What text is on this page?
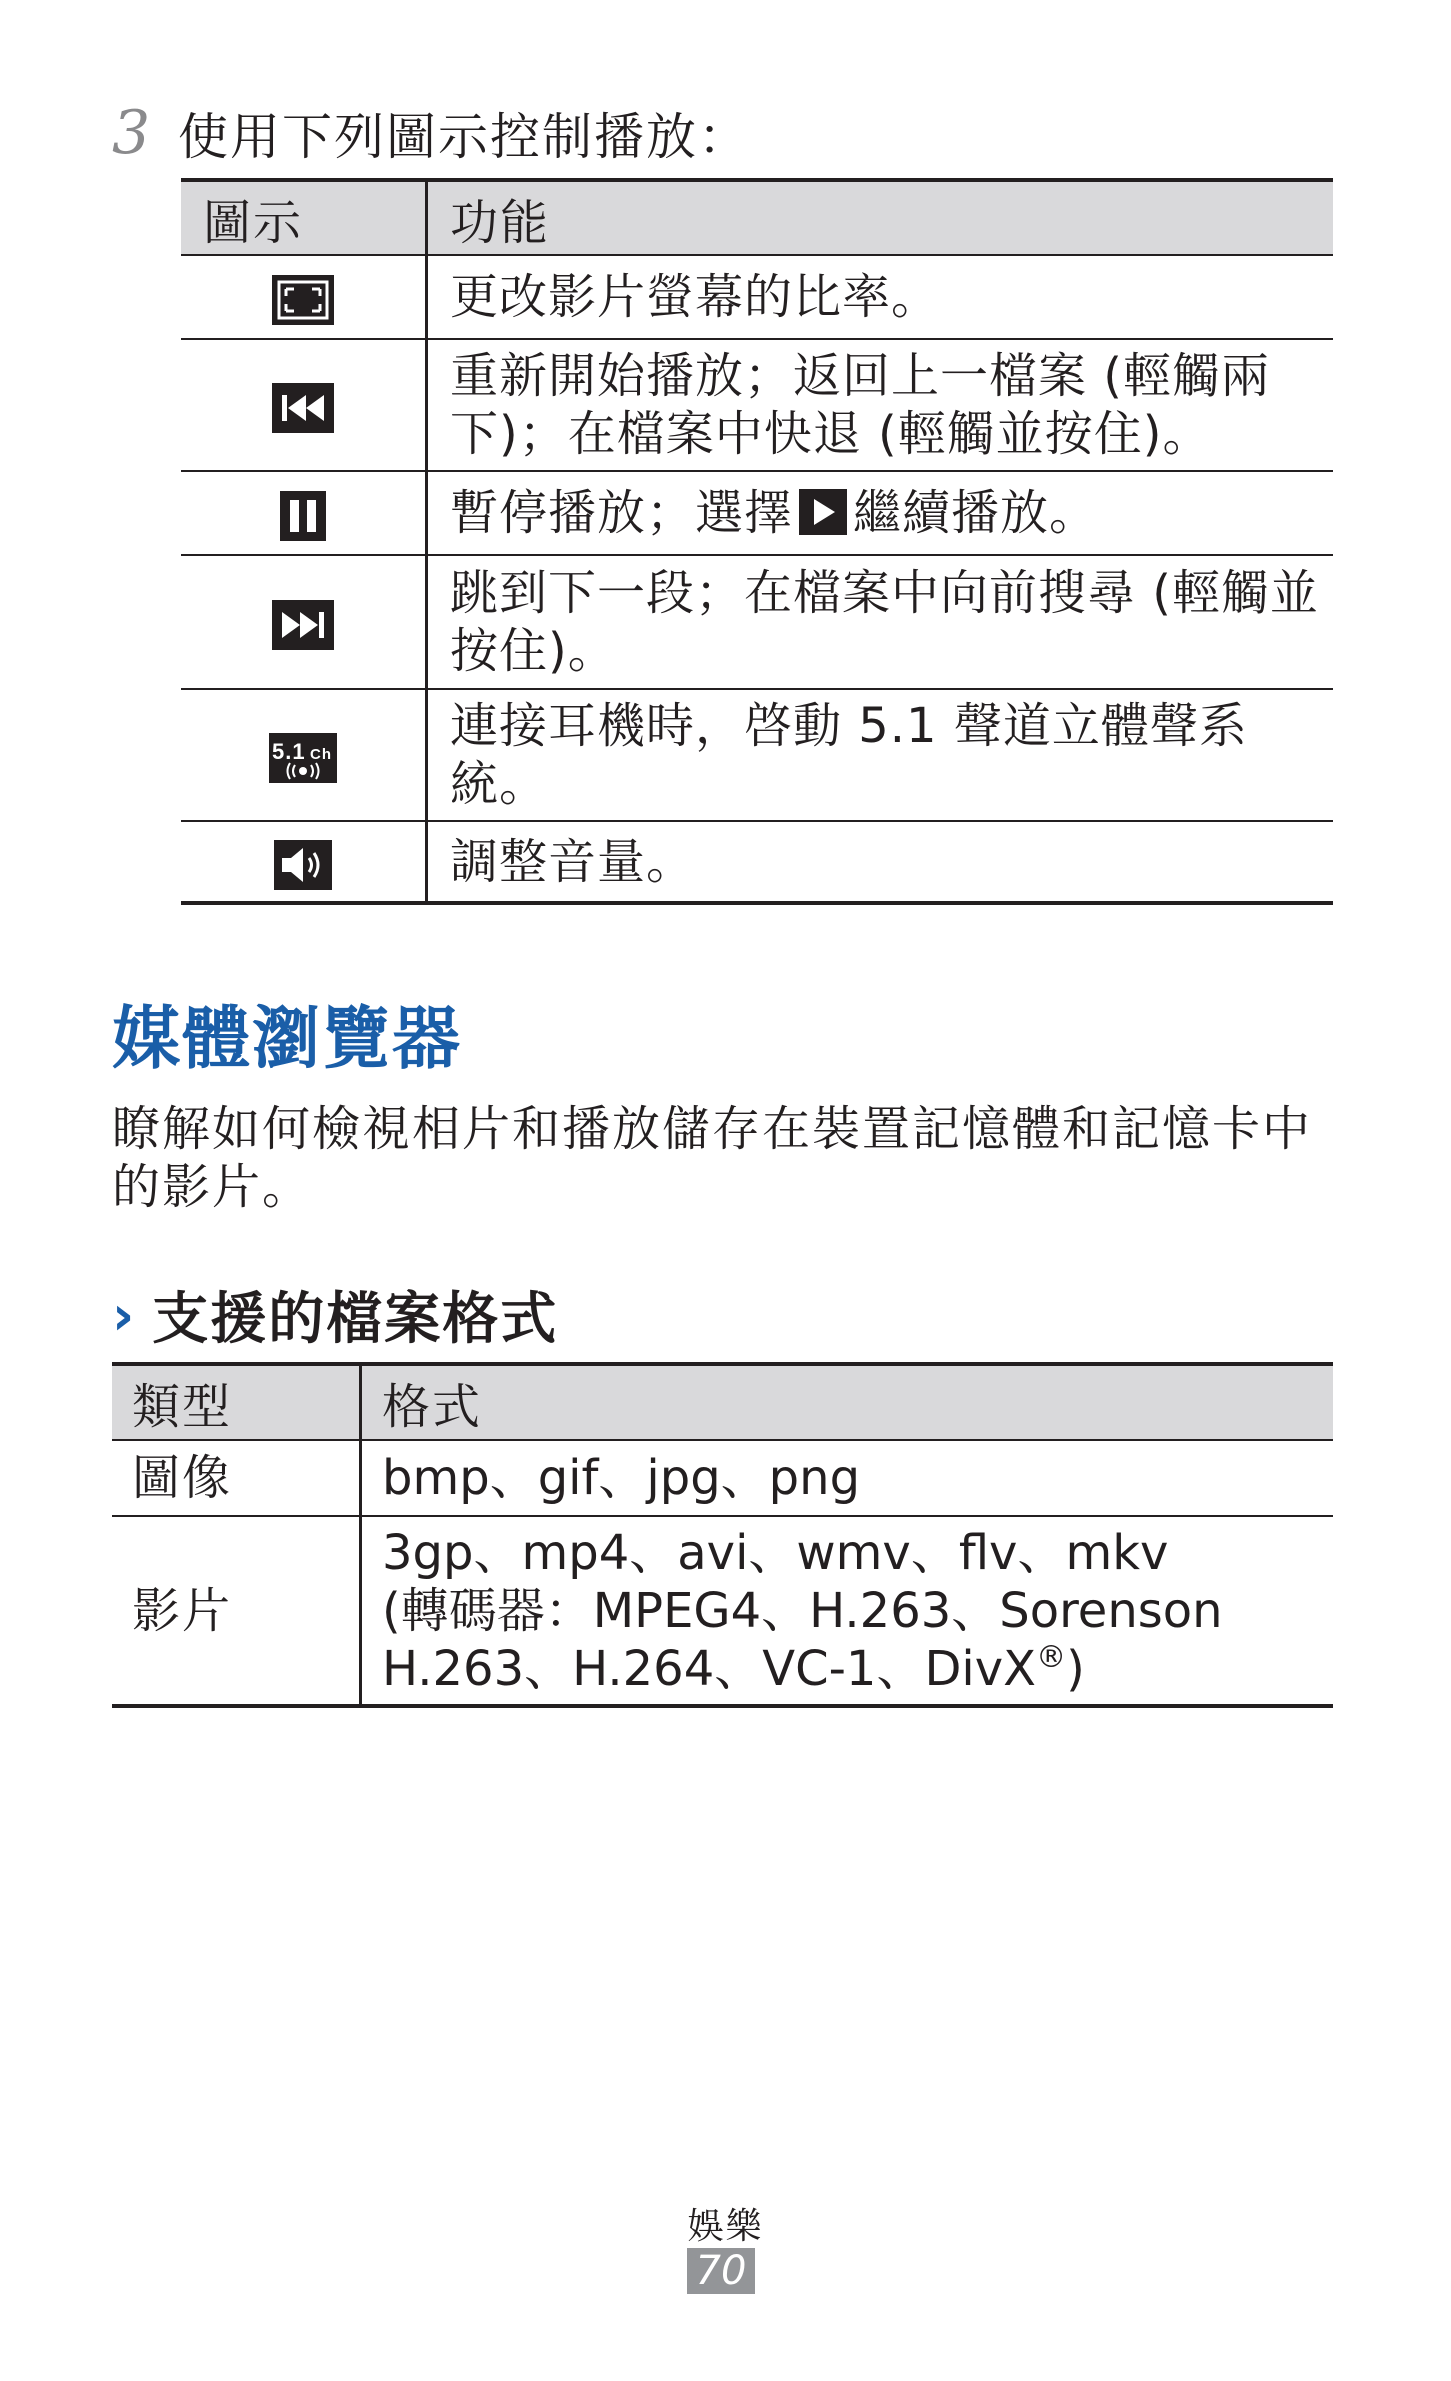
3 使用下列圖示控制播放：
圖示	功能
	更改影片螢幕的比率。
	重新開始播放；返回上一檔案 (輕觸兩下)；在檔案中快退 (輕觸並按住)。
	暫停播放；選擇 繼續播放。
	跳到下一段；在檔案中向前搜尋 (輕觸並按住)。

5.1 Ch	連接耳機時，啓動 5.1 聲道立體聲系統。
	調整音量。
媒體瀏覽器
瞭解如何檢視相片和播放儲存在裝置記憶體和記憶卡中的影片。
› 支援的檔案格式
類型	格式
圖像	bmp、gif、jpg、png

影片	3gp、mp4、avi、wmv、flv、mkv
(轉碼器：MPEG4、H.263、Sorenson
H.263、H.264、VC-1、DivX®)
娛樂
70
